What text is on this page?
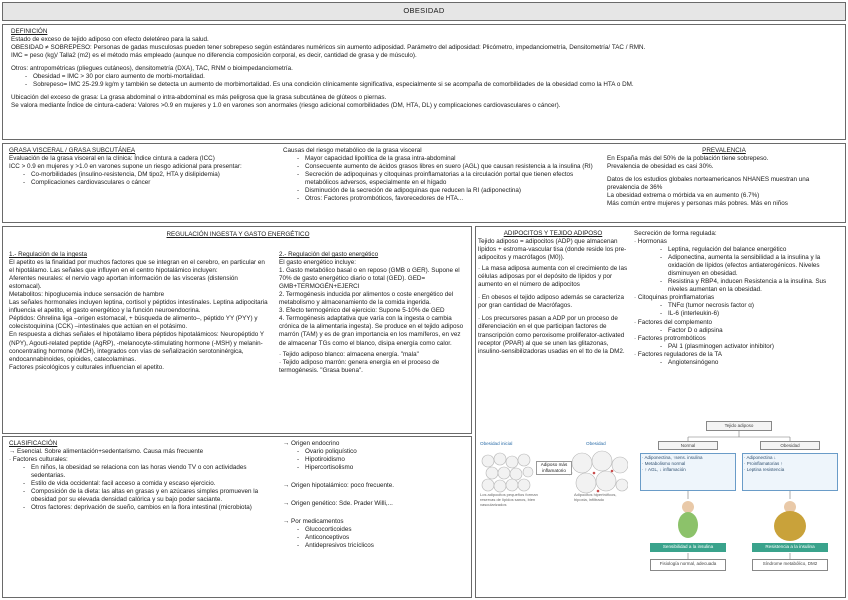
OBESIDAD
DEFINICIÓN

Estado de exceso de tejido adiposo con efecto deletéreo para la salud.

OBESIDAD ≠ SOBREPESO: Personas de gadas musculosas pueden tener sobrepeso según estándares numéricos sin aumento adiposidad. Parámetro del adiposidad: Plicómetro, impedanciometría, Densitometría/ TAC / RMN.

IMC = peso (kg)/ Talla2 (m2) es el método más empleado (aunque no diferencia composición corporal, es decir, cantidad de grasa y de músculo).

Otros: antropométricas (pliegues cutáneos), densitometría (DXA), TAC, RNM o bioimpedanciometría.

- Obesidad = IMC > 30 por claro aumento de morbi-mortalidad.
- Sobrepeso= IMC 25-29.9 kg/m y también se detecta un aumento de morbimortalidad. Es una condición clínicamente significativa, especialmente si se acompaña de comorbilidades de la obesidad como la HTA o DM.

Ubicación del exceso de grasa: La grasa abdominal o intra-abdominal es más peligrosa que la grasa subcutánea de glúteos o piernas.

Se valora mediante Índice de cintura-cadera: Valores >0.9 en mujeres y 1.0 en varones son anormales (riesgo adicional comorbilidades (DM, HTA, DL) y complicaciones cardiovasculares o cáncer).

GRASA VISCERAL / GRASA SUBCUTÁNEA

Evaluación de la grasa visceral en la clínica: Índice cintura a cadera (ICC)

ICC > 0.9 en mujeres y >1.0 en varones supone un riesgo adicional para presentar:

- Co-morbilidades (insulino-resistencia, DM tipo2, HTA y dislipidemia)
- Complicaciones cardiovasculares o cáncer

Causas del riesgo metabólico de la grasa visceral

- Mayor capacidad lipolítica de la grasa intra-abdominal
- Consecuente aumento de ácidos grasos libres en suero (AGL) que causan resistencia a la insulina (RI)
- Secreción de adipoquinas y citoquinas proinflamatorias a la circulación portal que tienen efectos metabólicos adversos, especialmente en el hígado
- Disminución de la secreción de adipoquinas que reducen la RI (adiponectina)
- Otros: Factores protrombóticos, favorecedores de HTA...
PREVALENCIA

En España más del 50% de la población tiene sobrepeso.

Prevalencia de obesidad es casi 30%.

Datos de los estudios globales norteamericanos NHANES muestran una prevalencia de 36%

La obesidad extrema o mórbida va en aumento (6.7%)

Más común entre mujeres y personas más pobres. Más en niños

REGULACIÓN INGESTA Y GASTO ENERGÉTICO
1.- Regulación de la ingesta

El apetito es la finalidad por muchos factores que se integran en el cerebro, en particular en el hipotálamo. Las señales que influyen en el centro hipotalámico incluyen:

Aferentes neurales: el nervio vago aportan información de las vísceras (distensión estomacal).

Metabolitos: hipoglucemia induce sensación de hambre

Las señales hormonales incluyen leptina, cortisol y péptidos intestinales. Leptina adipocitaria influencia el apetito, el gasto energético y la función neuroendocrina.

Péptidos: Ghrelina liga –origen estomacal, + búsqueda de alimento–, péptido YY (PYY) y colecistoquinina (CCK) –intestinales que actúan en el potásimo.

En respuesta a dichas señales el hipotálamo libera péptidos hipotalámicos: Neuropéptido Y (NPY), Agouti-related peptide (AgRP), -melanocyte-stimulating hormone (-MSH) y melanin-concentrating hormone (MCH), integrados con vías de señalización serotoninérgica, endocannabinoides, opioides, catecolaminas.

Factores psicológicos y culturales influencian el apetito.

2.- Regulación del gasto energético

El gasto energético incluye:

1. Gasto metabólico basal o en reposo (GMB o GER). Supone el 70% de gasto energético diario o total (GED). GED= GMB+TERMOGÉN+EJERCI

2. Termogénesis inducida por alimentos o coste energético del metabolismo y almacenamiento de la comida ingerida.

3. Efecto termogénico del ejercicio: Supone 5-10% de GED

4. Termogénesis adaptativa que varía con la ingesta o cambia crónica de la alimentaria ingesta). Se produce en el tejido adiposo marrón (TAM) y es de gran importancia en los mamíferos, en vez de almacenar TGs como el blanco, disipa energía como calor.

· Tejido adiposo blanco: almacena energía. "mala"

· Tejido adiposo marrón: genera energía en el proceso de termogénesis. "Grasa buena".

CLASIFICACIÓN

→ Esencial. Sobre alimentación+sedentarismo. Causa más frecuente

· Factores culturales:

- En niños, la obesidad se relaciona con las horas viendo TV o con actividades sedentarias.
- Estilo de vida occidental: facil acceso a comida y escaso ejercicio.
- Composición de la dieta: las altas en grasas y en azúcares simples promueven la obesidad por su elevada densidad calórica y su bajo poder saciante.
- Otros factores: deprivación de sueño, cambios en la flora intestinal (microbiota)

→ Origen endocrino

- Ovario poliquístico
- Hipotiroidismo
- Hipercortisolismo

→ Origen hipotalámico: poco frecuente.

→ Origen genético: Sde. Prader Willi,...

→ Por medicamentos

- Glucocorticoides
- Anticonceptivos
- Antidepresivos tricíclicos
ADIPOCITOS Y TEJIDO ADIPOSO

Tejido adiposo = adipocitos (ADP) que almacenan lípidos + estroma-vascular tisa (donde reside los pre-adipocitos y macrófagos (M0)).

· La masa adiposa aumenta con el crecimiento de las células adiposas por el depósito de lípidos y por aumento en el número de adipocitos

· En obesos el tejido adiposo además se caracteriza por gran cantidad de Macrófagos.

· Los precursores pasan a ADP por un proceso de diferenciación en el que participan factores de transcripción como peroxisome proliferator-activated receptor (PPAR) al que se unen las glitazonas, insulino-sensibilizadoras usadas en el tto de la DM2.

Obesidad inicial	Obesidad
Adiposo más inflamatorio
Los adipocitos pequeños forman reservas de lípidos sanos, bien vascularizados
Adipocitos hipertróficos, hipoxia, infiltrado

Secreción de forma regulada:

· Hormonas

- Leptina, regulación del balance energético
- Adiponectina, aumenta la sensibilidad a la insulina y la oxidación de lípidos (efectos antiaterogénicos. Niveles disminuyen en obesidad.
- Resistina y RBP4, inducen Resistencia a la insulina. Sus niveles aumentan en la obesidad.

· Citoquinas proinflamatorias

- TNFα (tumor necrosis factor α)
- IL-6 (interleukin-6)

· Factores del complemento

- Factor D o adipsina

· Factores protrombóticos

- PAI 1 (plasminogen activator inhibitor)

· Factores reguladores de la TA

- Angiotensinógeno
Tejido adiposo
Normal	Obesidad
· Adiponectina, ↑sens. insulina
· Metabolismo normal
· ↑ AGL, ↓ inflamación
· Adiponectina ↓
· Proinflamatorias ↑
· Leptina resistencia
Sensibilidad a la insulina	Resistencia a la insulina
Fisiología normal, adecuada	Síndrome metabólico, DM2
